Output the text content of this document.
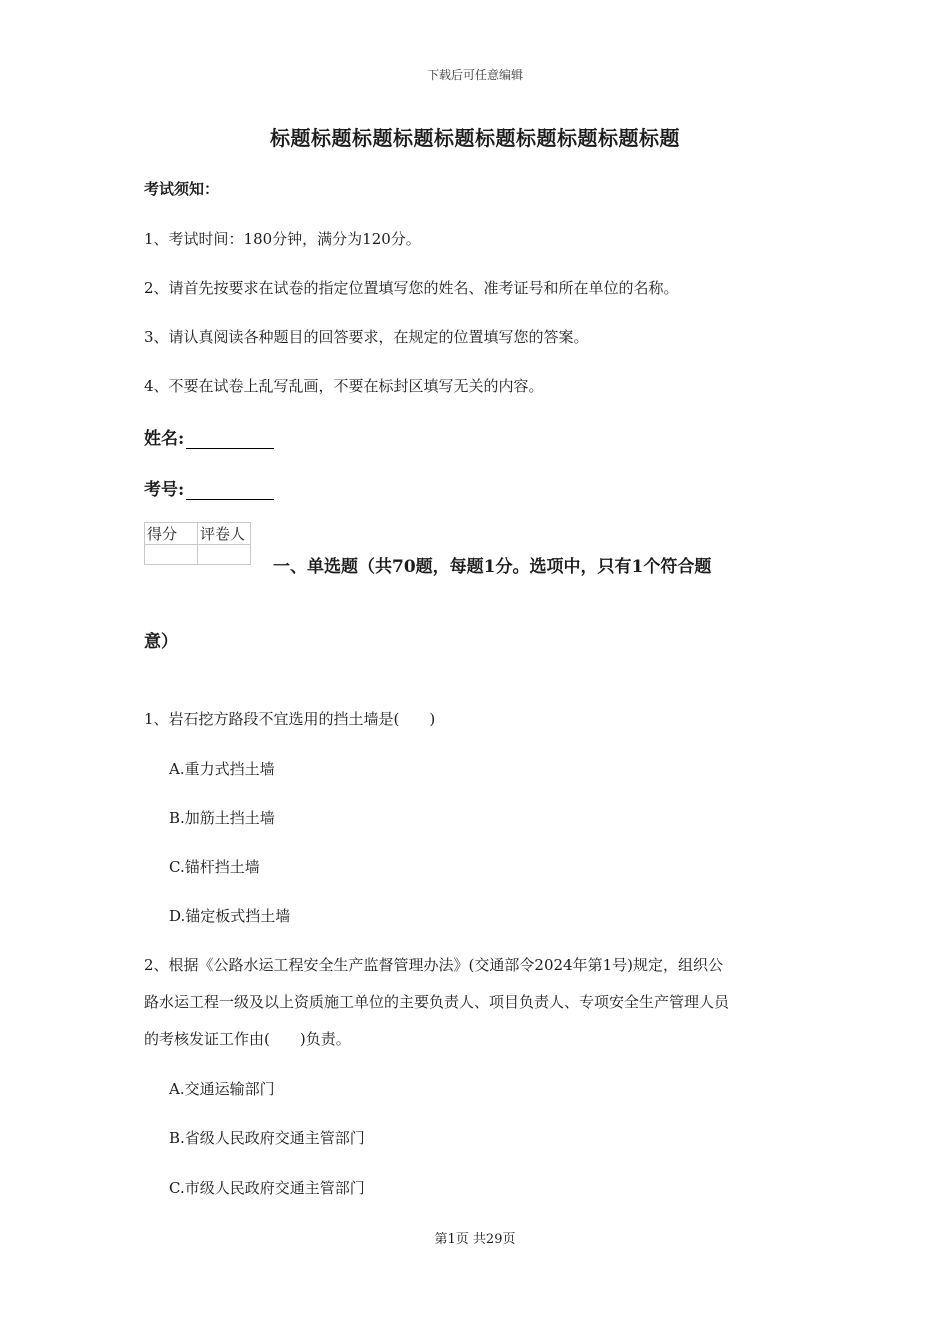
下载后可任意编辑
标题标题标题标题标题标题标题标题标题标题
考试须知：
1、考试时间：180分钟，满分为120分。
2、请首先按要求在试卷的指定位置填写您的姓名、准考证号和所在单位的名称。
3、请认真阅读各种题目的回答要求，在规定的位置填写您的答案。
4、不要在试卷上乱写乱画，不要在标封区填写无关的内容。
姓名:
考号:
得分	评卷人

一、单选题（共70题，每题1分。选项中，只有1个符合题
意）
1、岩石挖方路段不宜选用的挡土墙是(　　)
A.重力式挡土墙
B.加筋土挡土墙
C.锚杆挡土墙
D.锚定板式挡土墙
2、根据《公路水运工程安全生产监督管理办法》(交通部令2024年第1号)规定，组织公
路水运工程一级及以上资质施工单位的主要负责人、项目负责人、专项安全生产管理人员
的考核发证工作由(　　)负责。
A.交通运输部门
B.省级人民政府交通主管部门
C.市级人民政府交通主管部门
第1页 共29页
